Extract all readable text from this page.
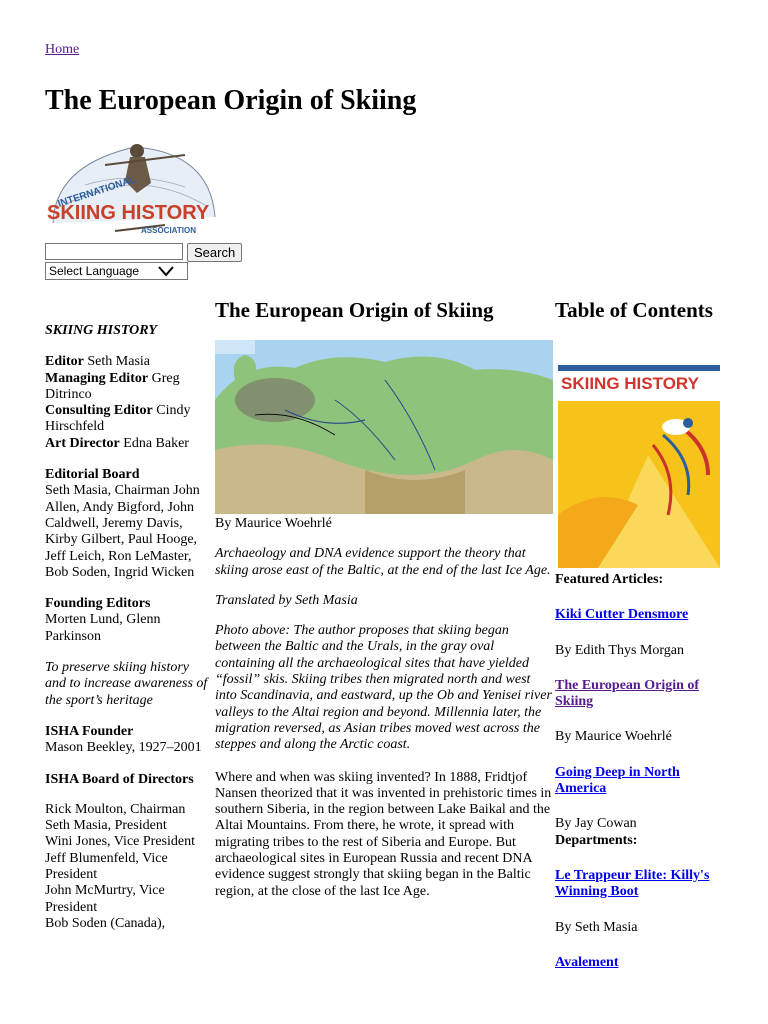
Home
The European Origin of Skiing
INTERNATIONAL
SKIING HISTORY
ASSOCIATION
Search
Select Language

SKIING HISTORY

Editor Seth Masia
Managing Editor Greg Ditrinco
Consulting Editor Cindy Hirschfeld
Art Director Edna Baker

Editorial Board
Seth Masia, Chairman John Allen, Andy Bigford, John Caldwell, Jeremy Davis, Kirby Gilbert, Paul Hooge, Jeff Leich, Ron LeMaster, Bob Soden, Ingrid Wicken

Founding Editors
Morten Lund, Glenn Parkinson

To preserve skiing history and to increase awareness of the sport’s heritage

ISHA Founder
Mason Beekley, 1927–2001

ISHA Board of Directors

Rick Moulton, Chairman
Seth Masia, President
Wini Jones, Vice President
Jeff Blumenfeld, Vice President
John McMurtry, Vice President
Bob Soden (Canada),

The European Origin of Skiing

By Maurice Woehrlé

Archaeology and DNA evidence support the theory that skiing arose east of the Baltic, at the end of the last Ice Age.

Translated by Seth Masia

Photo above: The author proposes that skiing began between the Baltic and the Urals, in the gray oval containing all the archaeological sites that have yielded “fossil” skis. Skiing tribes then migrated north and west into Scandinavia, and eastward, up the Ob and Yenisei river valleys to the Altai region and beyond. Millennia later, the migration reversed, as Asian tribes moved west across the steppes and along the Arctic coast.

Where and when was skiing invented? In 1888, Fridtjof Nansen theorized that it was invented in prehistoric times in southern Siberia, in the region between Lake Baikal and the Altai Mountains. From there, he wrote, it spread with migrating tribes to the rest of Siberia and Europe. But archaeological sites in European Russia and recent DNA evidence suggest strongly that skiing began in the Baltic region, at the close of the last Ice Age.

Table of Contents
SKIING HISTORY

Featured Articles:

Kiki Cutter Densmore

By Edith Thys Morgan

The European Origin of Skiing

By Maurice Woehrlé

Going Deep in North America

By Jay Cowan

Departments:

Le Trappeur Elite: Killy's Winning Boot

By Seth Masia

Avalement
